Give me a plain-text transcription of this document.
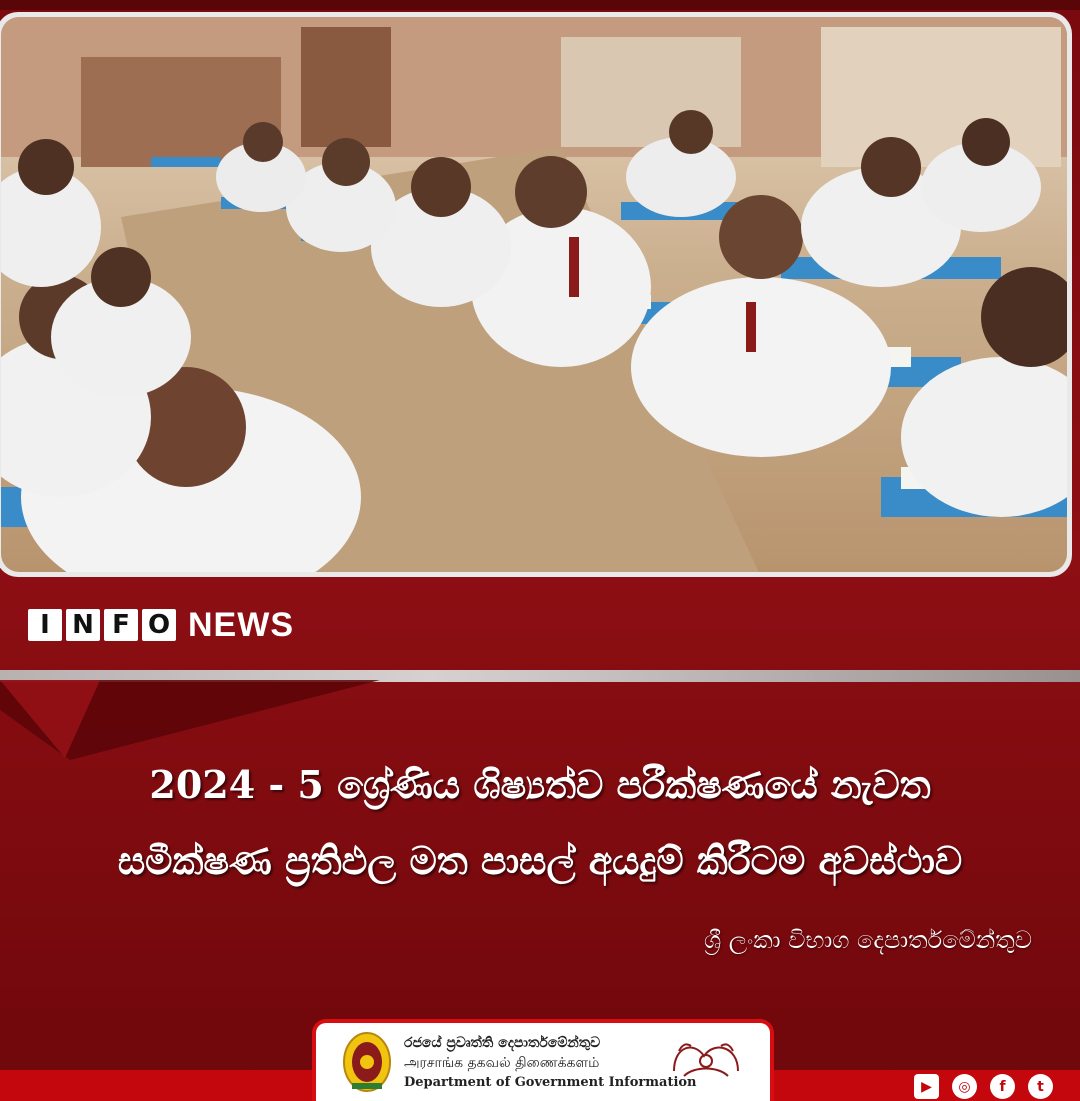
I N F O NEWS
2024 - 5 ශ්‍රේණිය ශිෂ්‍යත්ව පරීක්ෂණයේ නැවත
සමීක්ෂණ ප්‍රතිඵල මත පාසල් අයදුම් කිරීටම අවස්ථාව
ශ්‍රී ලංකා විභාග දෙපාර්තමේන්තුව
රජයේ ප්‍රවෘත්ති දෙපාර්තමේන්තුව
அரசாங்க தகவல் திணைக்களம்
Department of Government Information	▶	◎	f	t
